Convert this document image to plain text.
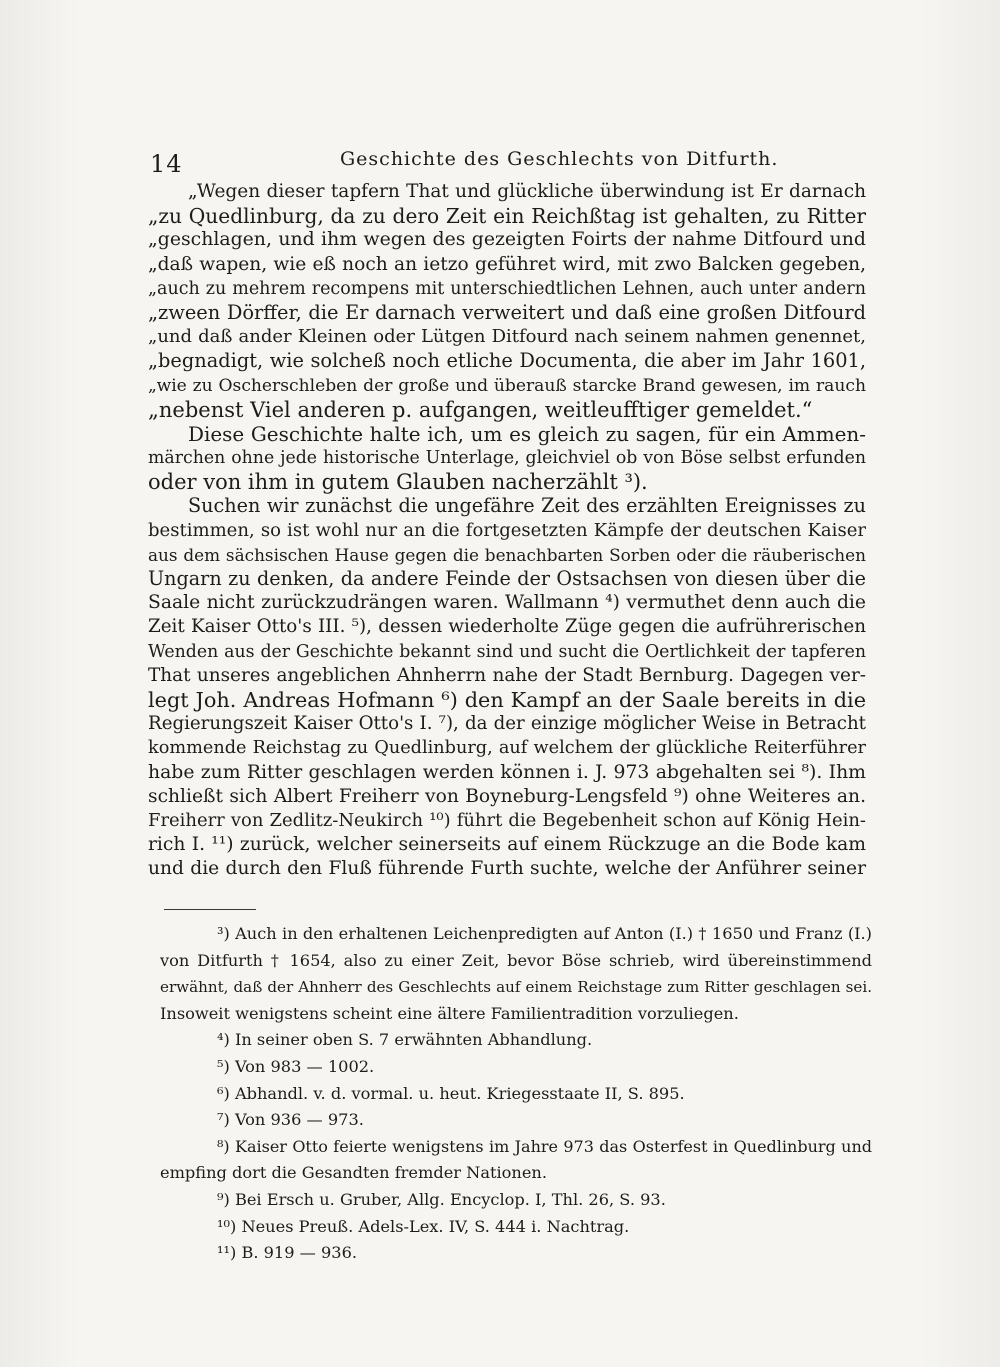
14	Geschichte des Geschlechts von Ditfurth.
„Wegen dieser tapfern That und glückliche überwindung ist Er darnach
„zu Quedlinburg, da zu dero Zeit ein Reichßtag ist gehalten, zu Ritter
„geschlagen, und ihm wegen des gezeigten Foirts der nahme Ditfourd und
„daß wapen, wie eß noch an ietzo geführet wird, mit zwo Balcken gegeben,
„auch zu mehrem recompens mit unterschiedtlichen Lehnen, auch unter andern
„zween Dörffer, die Er darnach verweitert und daß eine großen Ditfourd
„und daß ander Kleinen oder Lütgen Ditfourd nach seinem nahmen genennet,
„begnadigt, wie solcheß noch etliche Documenta, die aber im Jahr 1601,
„wie zu Oscherschleben der große und überauß starcke Brand gewesen, im rauch
„nebenst Viel anderen p. aufgangen, weitleufftiger gemeldet.“
Diese Geschichte halte ich, um es gleich zu sagen, für ein Ammen-
märchen ohne jede historische Unterlage, gleichviel ob von Böse selbst erfunden
oder von ihm in gutem Glauben nacherzählt ³).
Suchen wir zunächst die ungefähre Zeit des erzählten Ereignisses zu
bestimmen, so ist wohl nur an die fortgesetzten Kämpfe der deutschen Kaiser
aus dem sächsischen Hause gegen die benachbarten Sorben oder die räuberischen
Ungarn zu denken, da andere Feinde der Ostsachsen von diesen über die
Saale nicht zurückzudrängen waren. Wallmann ⁴) vermuthet denn auch die
Zeit Kaiser Otto's III. ⁵), dessen wiederholte Züge gegen die aufrührerischen
Wenden aus der Geschichte bekannt sind und sucht die Oertlichkeit der tapferen
That unseres angeblichen Ahnherrn nahe der Stadt Bernburg. Dagegen ver-
legt Joh. Andreas Hofmann ⁶) den Kampf an der Saale bereits in die
Regierungszeit Kaiser Otto's I. ⁷), da der einzige möglicher Weise in Betracht
kommende Reichstag zu Quedlinburg, auf welchem der glückliche Reiterführer
habe zum Ritter geschlagen werden können i. J. 973 abgehalten sei ⁸). Ihm
schließt sich Albert Freiherr von Boyneburg-Lengsfeld ⁹) ohne Weiteres an.
Freiherr von Zedlitz-Neukirch ¹⁰) führt die Begebenheit schon auf König Hein-
rich I. ¹¹) zurück, welcher seinerseits auf einem Rückzuge an die Bode kam
und die durch den Fluß führende Furth suchte, welche der Anführer seiner
³) Auch in den erhaltenen Leichenpredigten auf Anton (I.) † 1650 und Franz (I.)
von Ditfurth † 1654, also zu einer Zeit, bevor Böse schrieb, wird übereinstimmend
erwähnt, daß der Ahnherr des Geschlechts auf einem Reichstage zum Ritter geschlagen sei.
Insoweit wenigstens scheint eine ältere Familientradition vorzuliegen.
⁴) In seiner oben S. 7 erwähnten Abhandlung.
⁵) Von 983 — 1002.
⁶) Abhandl. v. d. vormal. u. heut. Kriegesstaate II, S. 895.
⁷) Von 936 — 973.
⁸) Kaiser Otto feierte wenigstens im Jahre 973 das Osterfest in Quedlinburg und
empfing dort die Gesandten fremder Nationen.
⁹) Bei Ersch u. Gruber, Allg. Encyclop. I, Thl. 26, S. 93.
¹⁰) Neues Preuß. Adels-Lex. IV, S. 444 i. Nachtrag.
¹¹) B. 919 — 936.
